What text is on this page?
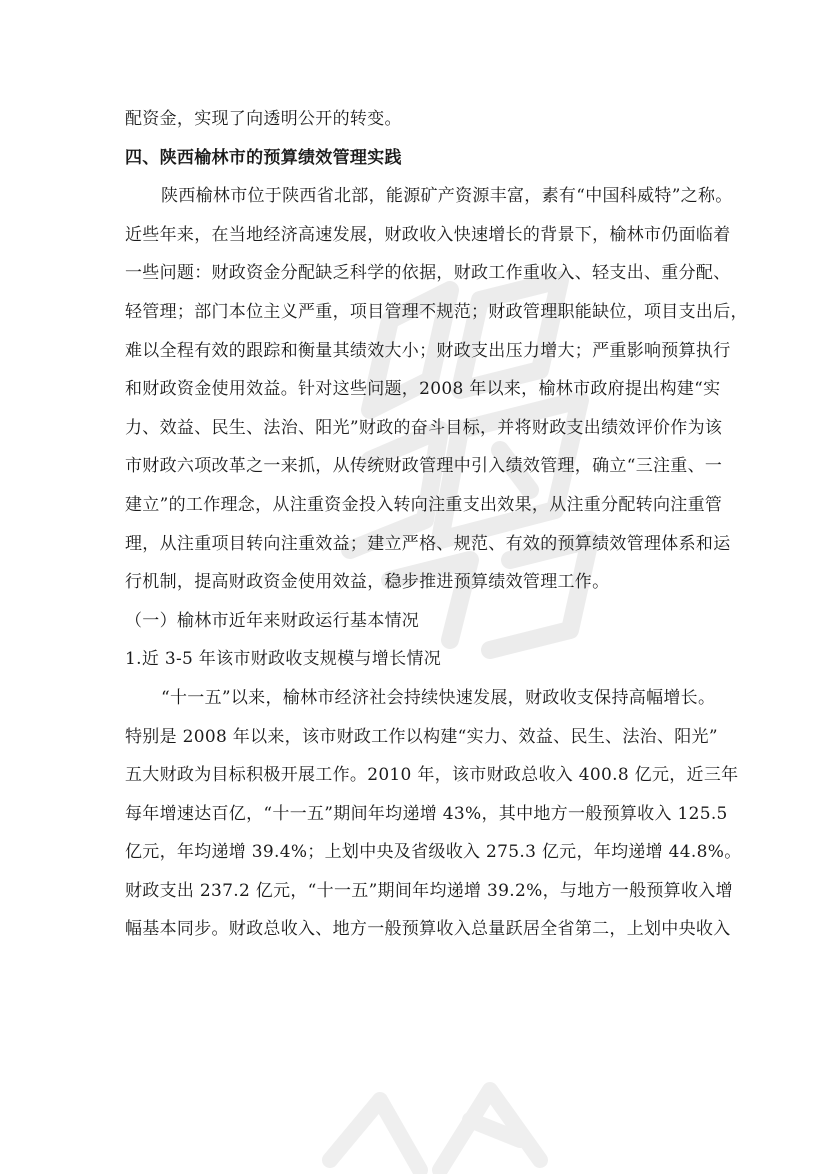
配资金，实现了向透明公开的转变。
四、陕西榆林市的预算绩效管理实践
陕西榆林市位于陕西省北部，能源矿产资源丰富，素有“中国科威特”之称。
近些年来，在当地经济高速发展，财政收入快速增长的背景下，榆林市仍面临着
一些问题：财政资金分配缺乏科学的依据，财政工作重收入、轻支出、重分配、
轻管理；部门本位主义严重，项目管理不规范；财政管理职能缺位，项目支出后，
难以全程有效的跟踪和衡量其绩效大小；财政支出压力增大；严重影响预算执行
和财政资金使用效益。针对这些问题，2008 年以来，榆林市政府提出构建“实
力、效益、民生、法治、阳光”财政的奋斗目标，并将财政支出绩效评价作为该
市财政六项改革之一来抓，从传统财政管理中引入绩效管理，确立“三注重、一
建立”的工作理念，从注重资金投入转向注重支出效果，从注重分配转向注重管
理，从注重项目转向注重效益；建立严格、规范、有效的预算绩效管理体系和运
行机制，提高财政资金使用效益，稳步推进预算绩效管理工作。
（一）榆林市近年来财政运行基本情况
1.近 3-5 年该市财政收支规模与增长情况
“十一五”以来，榆林市经济社会持续快速发展，财政收支保持高幅增长。
特别是 2008 年以来，该市财政工作以构建“实力、效益、民生、法治、阳光”
五大财政为目标积极开展工作。2010 年，该市财政总收入 400.8 亿元，近三年
每年增速达百亿，“十一五”期间年均递增 43%，其中地方一般预算收入 125.5
亿元，年均递增 39.4%；上划中央及省级收入 275.3 亿元，年均递增 44.8%。
财政支出 237.2 亿元，“十一五”期间年均递增 39.2%，与地方一般预算收入增
幅基本同步。财政总收入、地方一般预算收入总量跃居全省第二，上划中央收入
